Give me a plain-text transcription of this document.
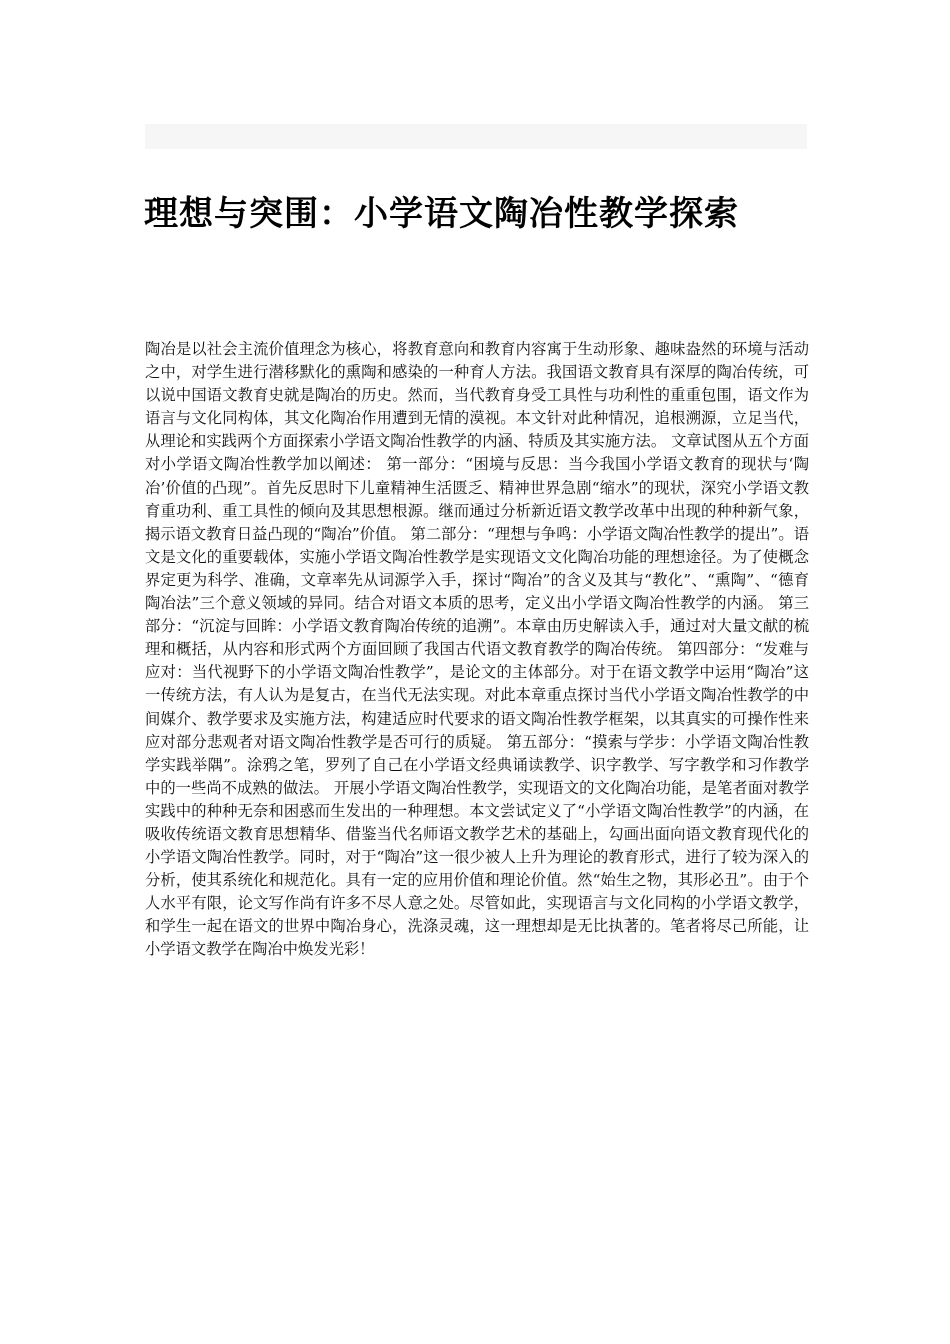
理想与突围：小学语文陶冶性教学探索

陶冶是以社会主流价值理念为核心，将教育意向和教育内容寓于生动形象、趣味盎然的环境与活动之中，对学生进行潜移默化的熏陶和感染的一种育人方法。我国语文教育具有深厚的陶冶传统，可以说中国语文教育史就是陶冶的历史。然而，当代教育身受工具性与功利性的重重包围，语文作为语言与文化同构体，其文化陶冶作用遭到无情的漠视。本文针对此种情况，追根溯源，立足当代，从理论和实践两个方面探索小学语文陶冶性教学的内涵、特质及其实施方法。 文章试图从五个方面对小学语文陶冶性教学加以阐述： 第一部分：“困境与反思：当今我国小学语文教育的现状与‘陶冶’价值的凸现”。首先反思时下儿童精神生活匮乏、精神世界急剧“缩水”的现状，深究小学语文教育重功利、重工具性的倾向及其思想根源。继而通过分析新近语文教学改革中出现的种种新气象，揭示语文教育日益凸现的“陶冶”价值。 第二部分：“理想与争鸣：小学语文陶冶性教学的提出”。语文是文化的重要载体，实施小学语文陶冶性教学是实现语文文化陶冶功能的理想途径。为了使概念界定更为科学、准确，文章率先从词源学入手，探讨“陶冶”的含义及其与“教化”、“熏陶”、“德育陶冶法”三个意义领域的异同。结合对语文本质的思考，定义出小学语文陶冶性教学的内涵。 第三部分：“沉淀与回眸：小学语文教育陶冶传统的追溯”。本章由历史解读入手，通过对大量文献的梳理和概括，从内容和形式两个方面回顾了我国古代语文教育教学的陶冶传统。 第四部分：“发难与应对：当代视野下的小学语文陶冶性教学”，是论文的主体部分。对于在语文教学中运用“陶冶”这一传统方法，有人认为是复古，在当代无法实现。对此本章重点探讨当代小学语文陶冶性教学的中间媒介、教学要求及实施方法，构建适应时代要求的语文陶冶性教学框架，以其真实的可操作性来应对部分悲观者对语文陶冶性教学是否可行的质疑。 第五部分：“摸索与学步：小学语文陶冶性教学实践举隅”。涂鸦之笔，罗列了自己在小学语文经典诵读教学、识字教学、写字教学和习作教学中的一些尚不成熟的做法。 开展小学语文陶冶性教学，实现语文的文化陶冶功能，是笔者面对教学实践中的种种无奈和困惑而生发出的一种理想。本文尝试定义了“小学语文陶冶性教学”的内涵，在吸收传统语文教育思想精华、借鉴当代名师语文教学艺术的基础上，勾画出面向语文教育现代化的小学语文陶冶性教学。同时，对于“陶冶”这一很少被人上升为理论的教育形式，进行了较为深入的分析，使其系统化和规范化。具有一定的应用价值和理论价值。然“始生之物，其形必丑”。由于个人水平有限，论文写作尚有许多不尽人意之处。尽管如此，实现语言与文化同构的小学语文教学，和学生一起在语文的世界中陶冶身心，洗涤灵魂，这一理想却是无比执著的。笔者将尽己所能，让小学语文教学在陶冶中焕发光彩！
